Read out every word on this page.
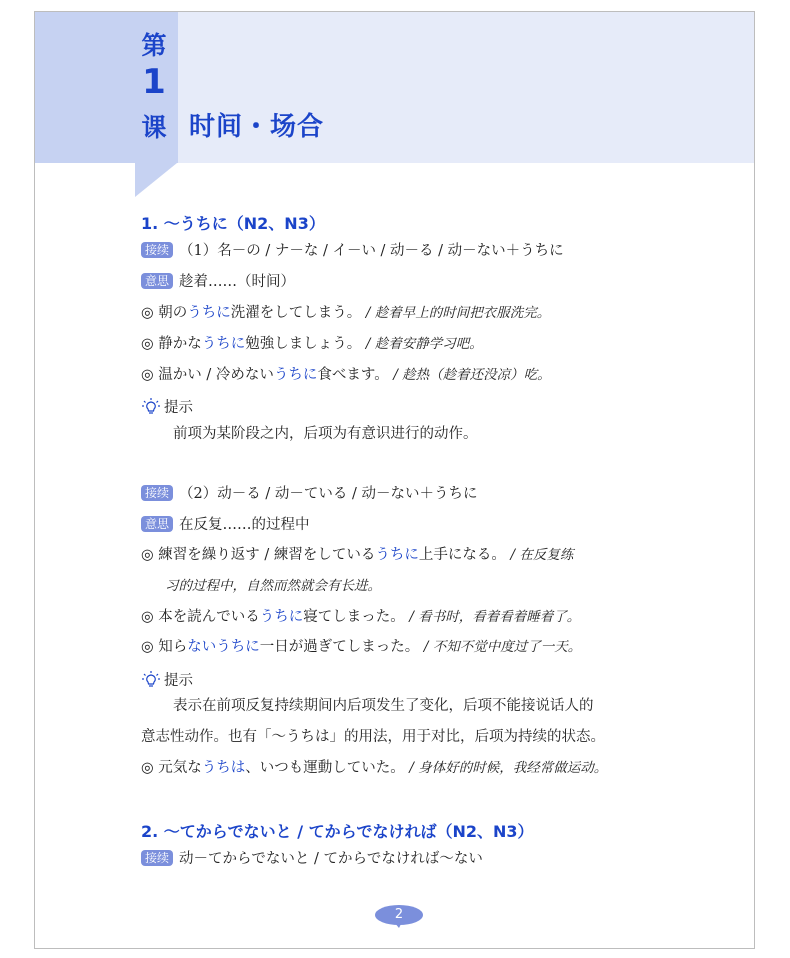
第
1
课 时间・场合
1. ～うちに（N2、N3）
接续 （1）名－の / ナ－な / イ－い / 动－る / 动－ない＋うちに
意思 趁着……（时间）
◎ 朝のうちに洗濯をしてしまう。 / 趁着早上的时间把衣服洗完。
◎ 静かなうちに勉強しましょう。 / 趁着安静学习吧。
◎ 温かい / 冷めないうちに食べます。 / 趁热（趁着还没凉）吃。
提示
前项为某阶段之内，后项为有意识进行的动作。
接续 （2）动－る / 动－ている / 动－ない＋うちに
意思 在反复……的过程中
◎ 練習を繰り返す / 練習をしているうちに上手になる。 / 在反复练
习的过程中，自然而然就会有长进。
◎ 本を読んでいるうちに寝てしまった。 / 看书时，看着看着睡着了。
◎ 知らないうちに一日が過ぎてしまった。 / 不知不觉中度过了一天。
提示
表示在前项反复持续期间内后项发生了变化，后项不能接说话人的
意志性动作。也有「～うちは」的用法，用于对比，后项为持续的状态。
◎ 元気なうちは、いつも運動していた。 / 身体好的时候，我经常做运动。
2. ～てからでないと / てからでなければ（N2、N3）
接续 动－てからでないと / てからでなければ～ない
2
